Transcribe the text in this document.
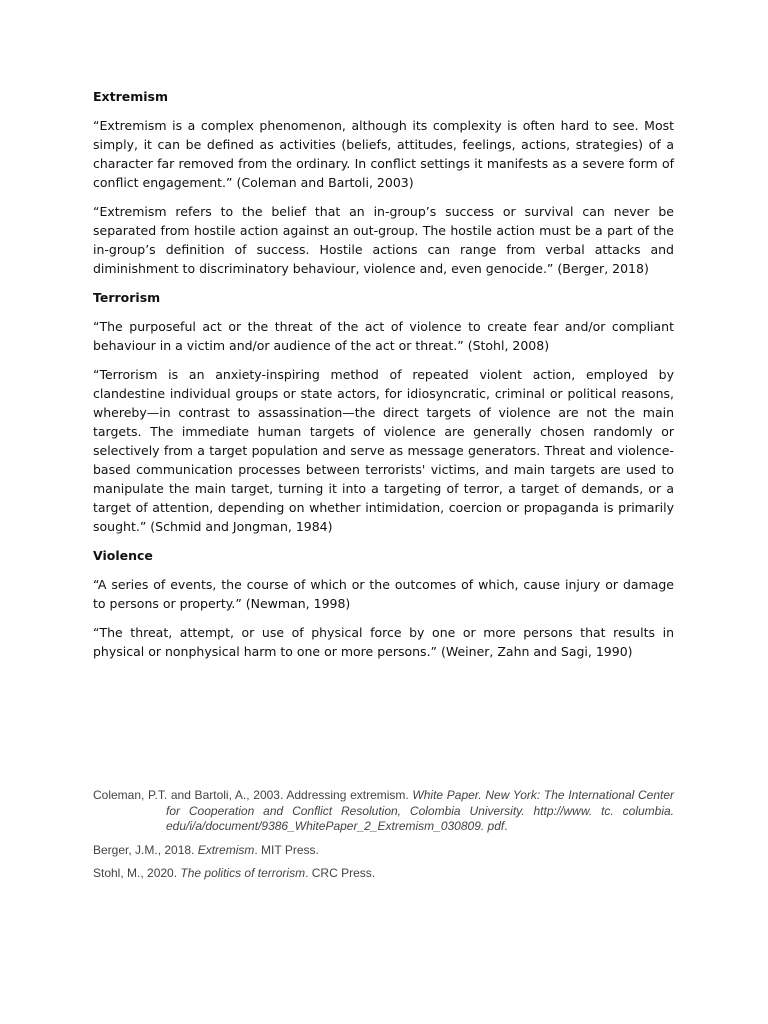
Extremism

“Extremism is a complex phenomenon, although its complexity is often hard to see. Most simply, it can be defined as activities (beliefs, attitudes, feelings, actions, strategies) of a character far removed from the ordinary. In conflict settings it manifests as a severe form of conflict engagement.” (Coleman and Bartoli, 2003)

“Extremism refers to the belief that an in-group’s success or survival can never be separated from hostile action against an out-group. The hostile action must be a part of the in-group’s definition of success. Hostile actions can range from verbal attacks and diminishment to discriminatory behaviour, violence and, even genocide.” (Berger, 2018)

Terrorism

“The purposeful act or the threat of the act of violence to create fear and/or compliant behaviour in a victim and/or audience of the act or threat.” (Stohl, 2008)

“Terrorism is an anxiety-inspiring method of repeated violent action, employed by clandestine individual groups or state actors, for idiosyncratic, criminal or political reasons, whereby—in contrast to assassination—the direct targets of violence are not the main targets. The immediate human targets of violence are generally chosen randomly or selectively from a target population and serve as message generators. Threat and violence-based communication processes between terrorists' victims, and main targets are used to manipulate the main target, turning it into a targeting of terror, a target of demands, or a target of attention, depending on whether intimidation, coercion or propaganda is primarily sought.” (Schmid and Jongman, 1984)

Violence

“A series of events, the course of which or the outcomes of which, cause injury or damage to persons or property.” (Newman, 1998)

“The threat, attempt, or use of physical force by one or more persons that results in physical or nonphysical harm to one or more persons.” (Weiner, Zahn and Sagi, 1990)

Coleman, P.T. and Bartoli, A., 2003. Addressing extremism. White Paper. New York: The International Center for Cooperation and Conflict Resolution, Colombia University. http://www. tc. columbia. edu/i/a/document/9386_WhitePaper_2_Extremism_030809. pdf.

Berger, J.M., 2018. Extremism. MIT Press.

Stohl, M., 2020. The politics of terrorism. CRC Press.
